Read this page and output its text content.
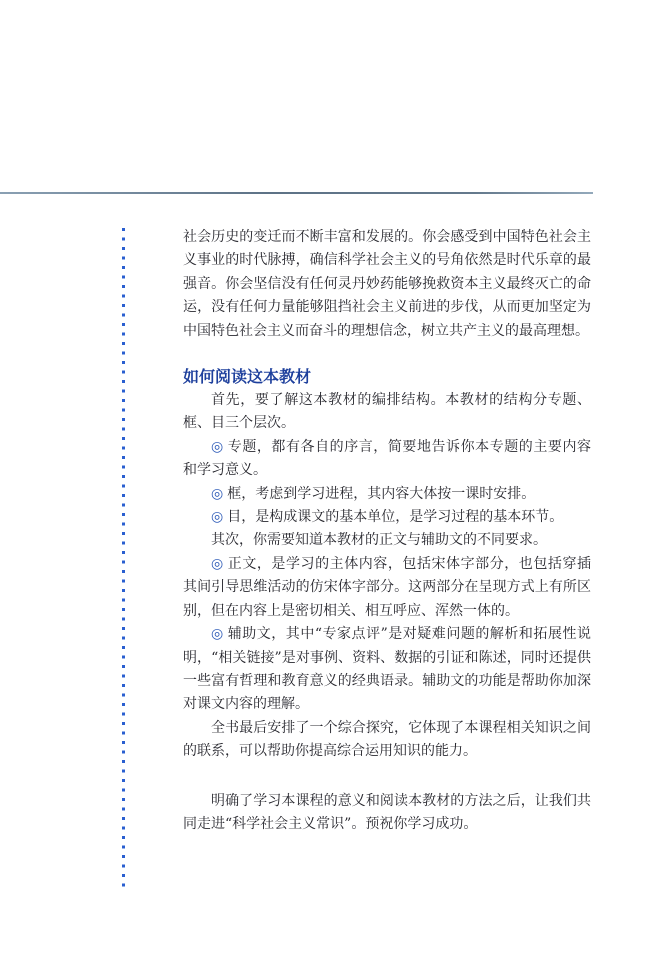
社会历史的变迁而不断丰富和发展的。你会感受到中国特色社会主义事业的时代脉搏，确信科学社会主义的号角依然是时代乐章的最强音。你会坚信没有任何灵丹妙药能够挽救资本主义最终灭亡的命运，没有任何力量能够阻挡社会主义前进的步伐，从而更加坚定为中国特色社会主义而奋斗的理想信念，树立共产主义的最高理想。

如何阅读这本教材

首先，要了解这本教材的编排结构。本教材的结构分专题、框、目三个层次。

◎ 专题，都有各自的序言，简要地告诉你本专题的主要内容和学习意义。

◎ 框，考虑到学习进程，其内容大体按一课时安排。

◎ 目，是构成课文的基本单位，是学习过程的基本环节。

其次，你需要知道本教材的正文与辅助文的不同要求。

◎ 正文，是学习的主体内容，包括宋体字部分，也包括穿插其间引导思维活动的仿宋体字部分。这两部分在呈现方式上有所区别，但在内容上是密切相关、相互呼应、浑然一体的。

◎ 辅助文，其中“专家点评”是对疑难问题的解析和拓展性说明，“相关链接”是对事例、资料、数据的引证和陈述，同时还提供一些富有哲理和教育意义的经典语录。辅助文的功能是帮助你加深对课文内容的理解。

全书最后安排了一个综合探究，它体现了本课程相关知识之间的联系，可以帮助你提高综合运用知识的能力。

明确了学习本课程的意义和阅读本教材的方法之后，让我们共同走进“科学社会主义常识”。预祝你学习成功。
